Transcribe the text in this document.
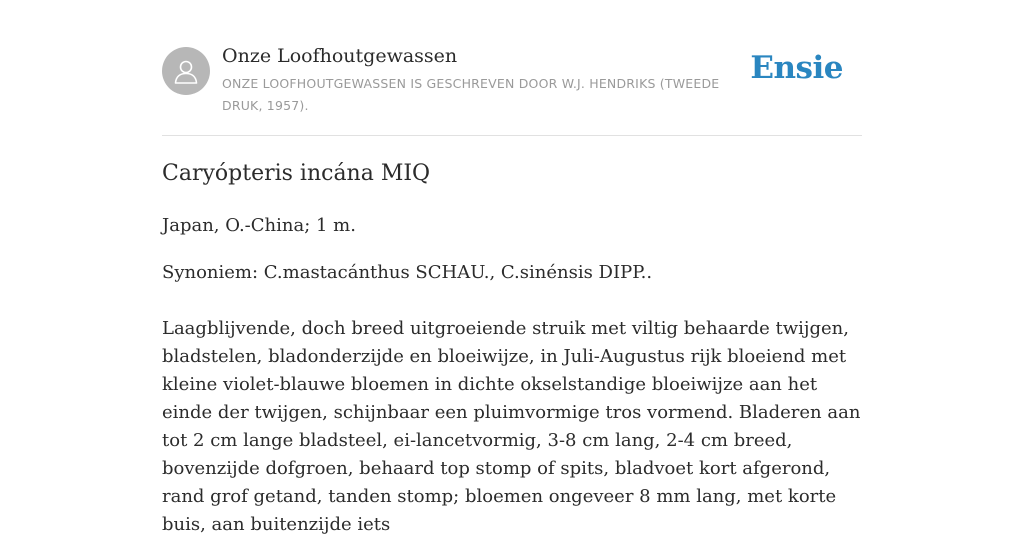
Onze Loofhoutgewassen
ONZE LOOFHOUTGEWASSEN IS GESCHREVEN DOOR W.J. HENDRIKS (TWEEDE DRUK, 1957).
Ensie
Caryópteris incána MIQ

Japan, O.-China; 1 m.

Synoniem: C.mastacánthus SCHAU., C.sinénsis DIPP..

Laagblijvende, doch breed uitgroeiende struik met viltig behaarde twijgen, bladstelen, bladonderzijde en bloeiwijze, in Juli-Augustus rijk bloeiend met kleine violet-blauwe bloemen in dichte okselstandige bloeiwijze aan het einde der twijgen, schijnbaar een pluimvormige tros vormend. Bladeren aan tot 2 cm lange bladsteel, ei-lancetvormig, 3-8 cm lang, 2-4 cm breed, bovenzijde dofgroen, behaard top stomp of spits, bladvoet kort afgerond, rand grof getand, tanden stomp; bloemen ongeveer 8 mm lang, met korte buis, aan buitenzijde iets
